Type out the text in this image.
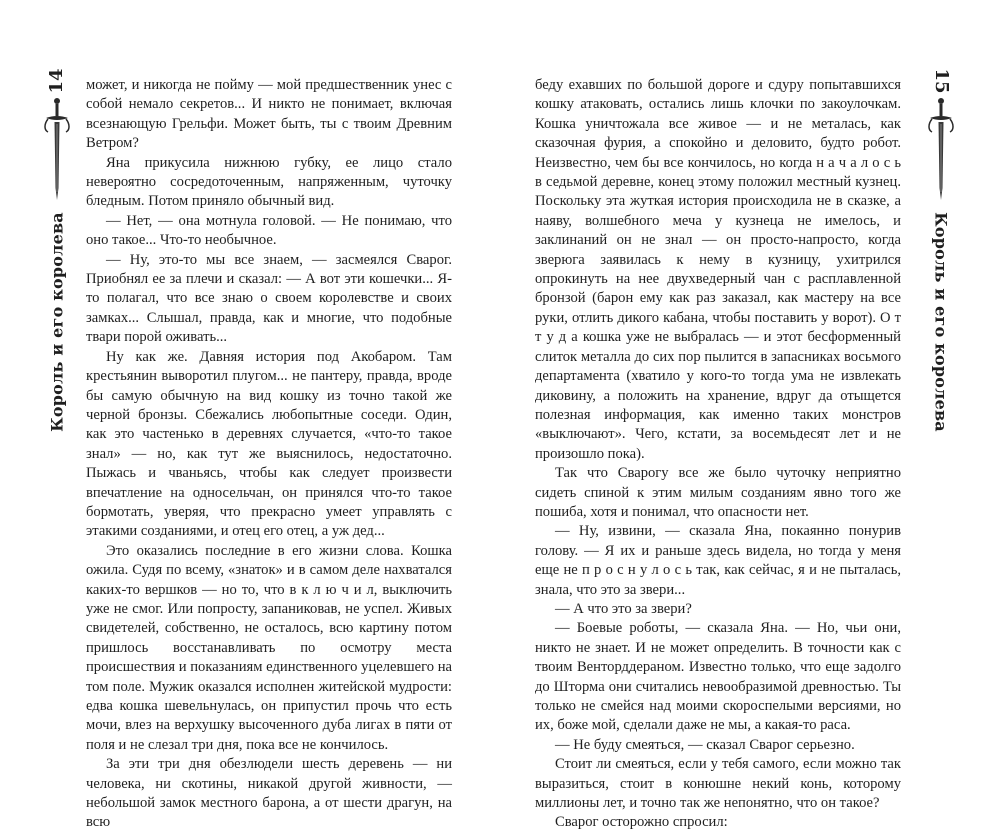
14
Король и его королева

может, и никогда не пойму — мой предшественник унес с собой немало секретов... И никто не понимает, включая всезнающую Грельфи. Может быть, ты с твоим Древним Ветром?

Яна прикусила нижнюю губку, ее лицо стало невероятно сосредоточенным, напряженным, чуточку бледным. Потом приняло обычный вид.

— Нет, — она мотнула головой. — Не понимаю, что оно такое... Что-то необычное.

— Ну, это-то мы все знаем, — засмеялся Сварог. Приобнял ее за плечи и сказал: — А вот эти кошечки... Я-то полагал, что все знаю о своем королевстве и своих замках... Слышал, правда, как и многие, что подобные твари порой оживать...

Ну как же. Давняя история под Акобаром. Там крестьянин выворотил плугом... не пантеру, правда, вроде бы самую обычную на вид кошку из точно такой же черной бронзы. Сбежались любопытные соседи. Один, как это частенько в деревнях случается, «что-то такое знал» — но, как тут же выяснилось, недостаточно. Пыжась и чваньясь, чтобы как следует произвести впечатление на односельчан, он принялся что-то такое бормотать, уверяя, что прекрасно умеет управлять с этакими созданиями, и отец его отец, а уж дед...

Это оказались последние в его жизни слова. Кошка ожила. Судя по всему, «знаток» и в самом деле нахватался каких-то вершков — но то, что в к л ю ч и л, выключить уже не смог. Или попросту, запаниковав, не успел. Живых свидетелей, собственно, не осталось, всю картину потом пришлось восстанавливать по осмотру места происшествия и показаниям единственного уцелевшего на том поле. Мужик оказался исполнен житейской мудрости: едва кошка шевельнулась, он припустил прочь что есть мочи, влез на верхушку высоченного дуба лигах в пяти от поля и не слезал три дня, пока все не кончилось.

За эти три дня обезлюдели шесть деревень — ни человека, ни скотины, никакой другой живности, — небольшой замок местного барона, а от шести драгун, на всю

беду ехавших по большой дороге и сдуру попытавшихся кошку атаковать, остались лишь клочки по закоулочкам. Кошка уничтожала все живое — и не металась, как сказочная фурия, а спокойно и деловито, будто робот. Неизвестно, чем бы все кончилось, но когда н а ч а л о с ь в седьмой деревне, конец этому положил местный кузнец. Поскольку эта жуткая история происходила не в сказке, а наяву, волшебного меча у кузнеца не имелось, и заклинаний он не знал — он просто-напросто, когда зверюга заявилась к нему в кузницу, ухитрился опрокинуть на нее двухведерный чан с расплавленной бронзой (барон ему как раз заказал, как мастеру на все руки, отлить дикого кабана, чтобы поставить у ворот). О т т у д а кошка уже не выбралась — и этот бесформенный слиток металла до сих пор пылится в запасниках восьмого департамента (хватило у кого-то тогда ума не извлекать диковину, а положить на хранение, вдруг да отыщется полезная информация, как именно таких монстров «выключают». Чего, кстати, за восемьдесят лет и не произошло пока).

Так что Сварогу все же было чуточку неприятно сидеть спиной к этим милым созданиям явно того же пошиба, хотя и понимал, что опасности нет.

— Ну, извини, — сказала Яна, покаянно понурив голову. — Я их и раньше здесь видела, но тогда у меня еще не п р о с н у л о с ь так, как сейчас, я и не пыталась, знала, что это за звери...

— А что это за звери?

— Боевые роботы, — сказала Яна. — Но, чьи они, никто не знает. И не может определить. В точности как с твоим Венторддераном. Известно только, что еще задолго до Шторма они считались невообразимой древностью. Ты только не смейся над моими скороспелыми версиями, но их, боже мой, сделали даже не мы, а какая-то раса.

— Не буду смеяться, — сказал Сварог серьезно.

Стоит ли смеяться, если у тебя самого, если можно так выразиться, стоит в конюшне некий конь, которому миллионы лет, и точно так же непонятно, что он такое?

Сварог осторожно спросил:

15
Король и его королева
